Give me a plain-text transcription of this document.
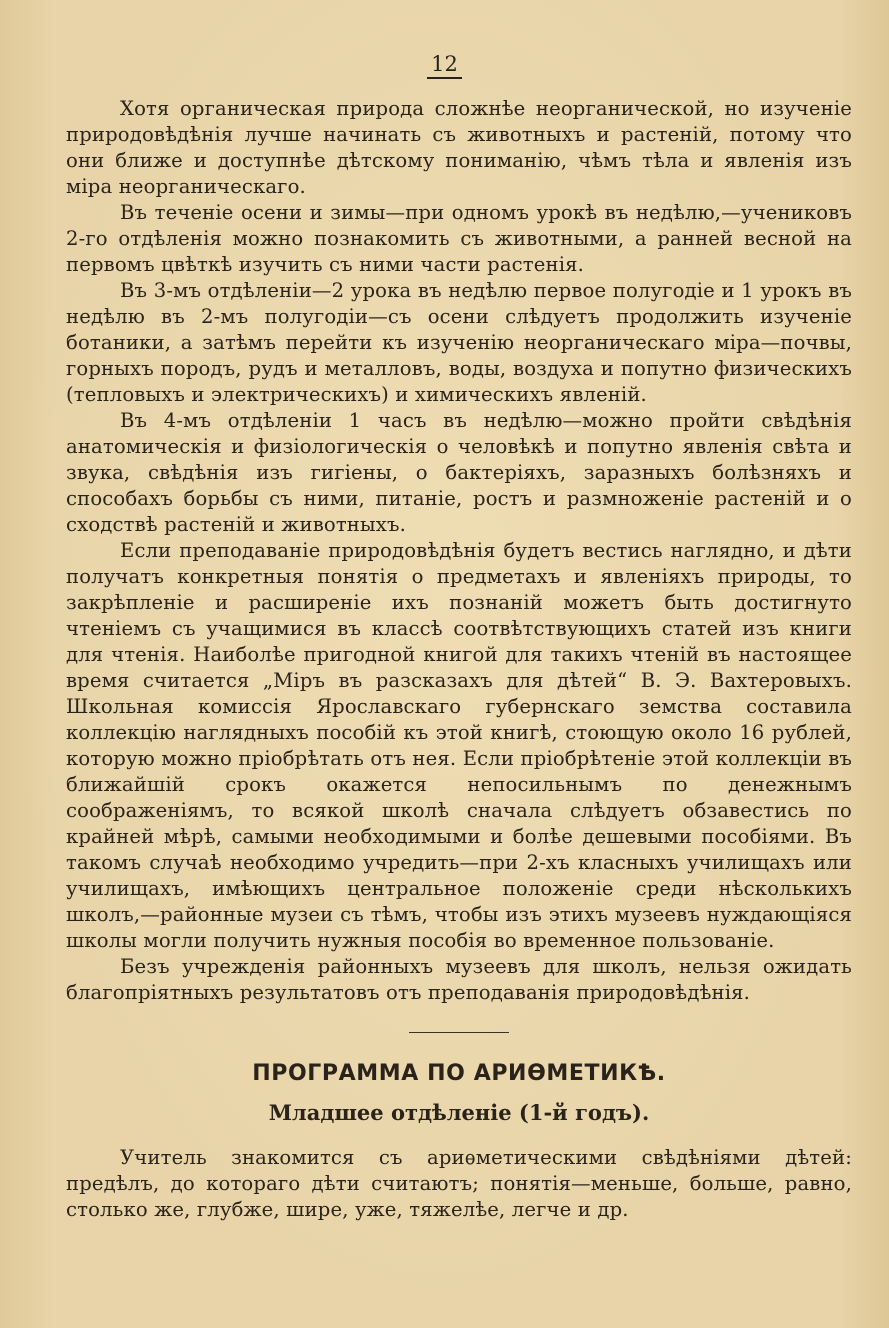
12

Хотя органическая природа сложнѣе неорганической, но изученіе природовѣдѣнія лучше начинать съ животныхъ и растеній, потому что они ближе и доступнѣе дѣтскому пониманію, чѣмъ тѣла и явленія изъ міра неорганическаго.

Въ теченіе осени и зимы—при одномъ урокѣ въ недѣлю,—учениковъ 2-го отдѣленія можно познакомить съ животными, а ранней весной на первомъ цвѣткѣ изучить съ ними части растенія.

Въ 3-мъ отдѣленіи—2 урока въ недѣлю первое полугодіе и 1 урокъ въ недѣлю въ 2-мъ полугодіи—съ осени слѣдуетъ продолжить изученіе ботаники, а затѣмъ перейти къ изученію неорганическаго міра—почвы, горныхъ породъ, рудъ и металловъ, воды, воздуха и попутно физическихъ (тепловыхъ и электрическихъ) и химическихъ явленій.

Въ 4-мъ отдѣленіи 1 часъ въ недѣлю—можно пройти свѣдѣнія анатомическія и физіологическія о человѣкѣ и попутно явленія свѣта и звука, свѣдѣнія изъ гигіены, о бактеріяхъ, заразныхъ болѣзняхъ и способахъ борьбы съ ними, питаніе, ростъ и размноженіе растеній и о сходствѣ растеній и животныхъ.

Если преподаваніе природовѣдѣнія будетъ вестись наглядно, и дѣти получатъ конкретныя понятія о предметахъ и явленіяхъ природы, то закрѣпленіе и расширеніе ихъ познаній можетъ быть достигнуто чтеніемъ съ учащимися въ классѣ соотвѣтствующихъ статей изъ книги для чтенія. Наиболѣе пригодной книгой для такихъ чтеній въ настоящее время считается „Міръ въ разсказахъ для дѣтей“ В. Э. Вахтеровыхъ. Школьная комиссія Ярославскаго губернскаго земства составила коллекцію наглядныхъ пособій къ этой книгѣ, стоющую около 16 рублей, которую можно пріобрѣтать отъ нея. Если пріобрѣтеніе этой коллекціи въ ближайшій срокъ окажется непосильнымъ по денежнымъ соображеніямъ, то всякой школѣ сначала слѣдуетъ обзавестись по крайней мѣрѣ, самыми необходимыми и болѣе дешевыми пособіями. Въ такомъ случаѣ необходимо учредить—при 2-хъ класныхъ училищахъ или училищахъ, имѣющихъ центральное положеніе среди нѣсколькихъ школъ,—районные музеи съ тѣмъ, чтобы изъ этихъ музеевъ нуждающіяся школы могли получить нужныя пособія во временное пользованіе.

Безъ учрежденія районныхъ музеевъ для школъ, нельзя ожидать благопріятныхъ результатовъ отъ преподаванія природовѣдѣнія.

ПРОГРАММА ПО АРИѲМЕТИКѢ.
Младшее отдѣленіе (1-й годъ).

Учитель знакомится съ ариѳметическими свѣдѣніями дѣтей: предѣлъ, до котораго дѣти считаютъ; понятія—меньше, больше, равно, столько же, глубже, шире, уже, тяжелѣе, легче и др.
